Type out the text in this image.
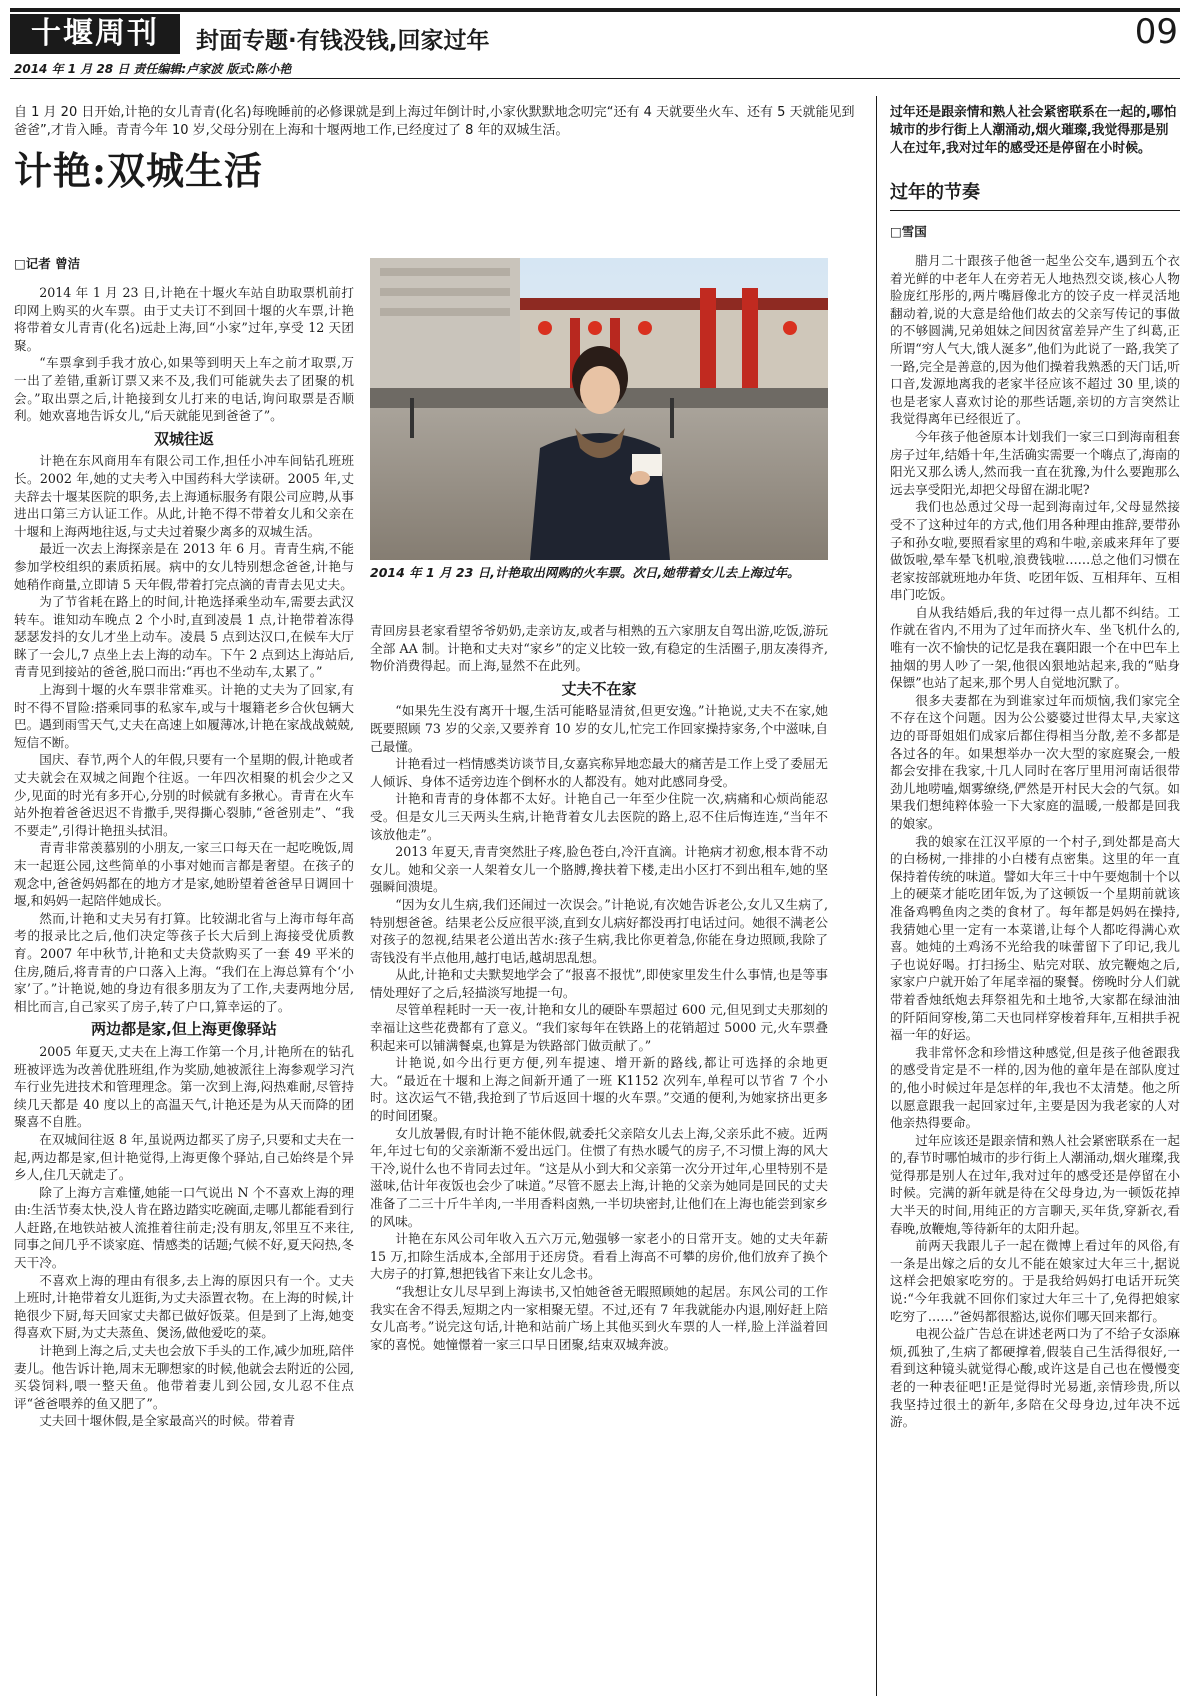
十堰周刊	封面专题·有钱没钱,回家过年	09
2014 年 1 月 28 日 责任编辑:卢家波 版式:陈小艳
自 1 月 20 日开始,计艳的女儿青青(化名)每晚睡前的必修课就是到上海过年倒计时,小家伙默默地念叨完“还有 4 天就要坐火车、还有 5 天就能见到爸爸”,才肯入睡。青青今年 10 岁,父母分别在上海和十堰两地工作,已经度过了 8 年的双城生活。
计艳:双城生活
□记者 曾洁

2014 年 1 月 23 日,计艳在十堰火车站自助取票机前打印网上购买的火车票。由于丈夫订不到回十堰的火车票,计艳将带着女儿青青(化名)远赴上海,回“小家”过年,享受 12 天团聚。

“车票拿到手我才放心,如果等到明天上车之前才取票,万一出了差错,重新订票又来不及,我们可能就失去了团聚的机会。”取出票之后,计艳接到女儿打来的电话,询问取票是否顺利。她欢喜地告诉女儿,“后天就能见到爸爸了”。

双城往返

计艳在东风商用车有限公司工作,担任小冲车间钻孔班班长。2002 年,她的丈夫考入中国药科大学读研。2005 年,丈夫辞去十堰某医院的职务,去上海通标服务有限公司应聘,从事进出口第三方认证工作。从此,计艳不得不带着女儿和父亲在十堰和上海两地往返,与丈夫过着聚少离多的双城生活。

最近一次去上海探亲是在 2013 年 6 月。青青生病,不能参加学校组织的素质拓展。病中的女儿特别想念爸爸,计艳与她稍作商量,立即请 5 天年假,带着打完点滴的青青去见丈夫。

为了节省耗在路上的时间,计艳选择乘坐动车,需要去武汉转车。谁知动车晚点 2 个小时,直到凌晨 1 点,计艳带着冻得瑟瑟发抖的女儿才坐上动车。凌晨 5 点到达汉口,在候车大厅眯了一会儿,7 点坐上去上海的动车。下午 2 点到达上海站后,青青见到接站的爸爸,脱口而出:“再也不坐动车,太累了。”

上海到十堰的火车票非常难买。计艳的丈夫为了回家,有时不得不冒险:搭乘同事的私家车,或与十堰籍老乡合伙包辆大巴。遇到雨雪天气,丈夫在高速上如履薄冰,计艳在家战战兢兢,短信不断。

国庆、春节,两个人的年假,只要有一个星期的假,计艳或者丈夫就会在双城之间跑个往返。一年四次相聚的机会少之又少,见面的时光有多开心,分别的时候就有多揪心。青青在火车站外抱着爸爸迟迟不肯撒手,哭得撕心裂肺,“爸爸别走”、“我不要走”,引得计艳扭头拭泪。

青青非常羡慕别的小朋友,一家三口每天在一起吃晚饭,周末一起逛公园,这些简单的小事对她而言都是奢望。在孩子的观念中,爸爸妈妈都在的地方才是家,她盼望着爸爸早日调回十堰,和妈妈一起陪伴她成长。

然而,计艳和丈夫另有打算。比较湖北省与上海市每年高考的报录比之后,他们决定等孩子长大后到上海接受优质教育。2007 年中秋节,计艳和丈夫贷款购买了一套 49 平米的住房,随后,将青青的户口落入上海。“我们在上海总算有个‘小家’了。”计艳说,她的身边有很多朋友为了工作,夫妻两地分居,相比而言,自己家买了房子,转了户口,算幸运的了。

两边都是家,但上海更像驿站

2005 年夏天,丈夫在上海工作第一个月,计艳所在的钻孔班被评选为改善优胜班组,作为奖励,她被派往上海参观学习汽车行业先进技术和管理理念。第一次到上海,闷热难耐,尽管持续几天都是 40 度以上的高温天气,计艳还是为从天而降的团聚喜不自胜。

在双城间往返 8 年,虽说两边都买了房子,只要和丈夫在一起,两边都是家,但计艳觉得,上海更像个驿站,自己始终是个异乡人,住几天就走了。

除了上海方言难懂,她能一口气说出 N 个不喜欢上海的理由:生活节奏太快,没人肯在路边踏实吃碗面,走哪儿都能看到行人赶路,在地铁站被人流推着往前走;没有朋友,邻里互不来往,同事之间几乎不谈家庭、情感类的话题;气候不好,夏天闷热,冬天干冷。

不喜欢上海的理由有很多,去上海的原因只有一个。丈夫上班时,计艳带着女儿逛街,为丈夫添置衣物。在上海的时候,计艳很少下厨,每天回家丈夫都已做好饭菜。但是到了上海,她变得喜欢下厨,为丈夫蒸鱼、煲汤,做他爱吃的菜。

计艳到上海之后,丈夫也会放下手头的工作,减少加班,陪伴妻儿。他告诉计艳,周末无聊想家的时候,他就会去附近的公园,买袋饲料,喂一整天鱼。他带着妻儿到公园,女儿忍不住点评“爸爸喂养的鱼又肥了”。

丈夫回十堰休假,是全家最高兴的时候。带着青

2014 年 1 月 23 日,计艳取出网购的火车票。次日,她带着女儿去上海过年。

青回房县老家看望爷爷奶奶,走亲访友,或者与相熟的五六家朋友自驾出游,吃饭,游玩全部 AA 制。计艳和丈夫对“家乡”的定义比较一致,有稳定的生活圈子,朋友凑得齐,物价消费得起。而上海,显然不在此列。

丈夫不在家

“如果先生没有离开十堰,生活可能略显清贫,但更安逸。”计艳说,丈夫不在家,她既要照顾 73 岁的父亲,又要养育 10 岁的女儿,忙完工作回家操持家务,个中滋味,自己最懂。

计艳看过一档情感类访谈节目,女嘉宾称异地恋最大的痛苦是工作上受了委屈无人倾诉、身体不适旁边连个倒杯水的人都没有。她对此感同身受。

计艳和青青的身体都不太好。计艳自己一年至少住院一次,病痛和心烦尚能忍受。但是女儿三天两头生病,计艳背着女儿去医院的路上,忍不住后悔连连,“当年不该放他走”。

2013 年夏天,青青突然肚子疼,脸色苍白,冷汗直滴。计艳病才初愈,根本背不动女儿。她和父亲一人架着女儿一个胳膊,搀扶着下楼,走出小区打不到出租车,她的坚强瞬间溃堤。

“因为女儿生病,我们还闹过一次误会。”计艳说,有次她告诉老公,女儿又生病了,特别想爸爸。结果老公反应很平淡,直到女儿病好都没再打电话过问。她很不满老公对孩子的忽视,结果老公道出苦水:孩子生病,我比你更着急,你能在身边照顾,我除了寄钱没有半点他用,越打电话,越胡思乱想。

从此,计艳和丈夫默契地学会了“报喜不报忧”,即使家里发生什么事情,也是等事情处理好了之后,轻描淡写地提一句。

尽管单程耗时一天一夜,计艳和女儿的硬卧车票超过 600 元,但见到丈夫那刻的幸福让这些花费都有了意义。“我们家每年在铁路上的花销超过 5000 元,火车票叠积起来可以铺满餐桌,也算是为铁路部门做贡献了。”

计艳说,如今出行更方便,列车提速、增开新的路线,都让可选择的余地更大。“最近在十堰和上海之间新开通了一班 K1152 次列车,单程可以节省 7 个小时。这次运气不错,我抢到了节后返回十堰的火车票。”交通的便利,为她家挤出更多的时间团聚。

女儿放暑假,有时计艳不能休假,就委托父亲陪女儿去上海,父亲乐此不疲。近两年,年过七旬的父亲渐渐不爱出远门。住惯了有热水暖气的房子,不习惯上海的风大干冷,说什么也不肯同去过年。“这是从小到大和父亲第一次分开过年,心里特别不是滋味,估计年夜饭也会少了味道。”尽管不愿去上海,计艳的父亲为她同是回民的丈夫准备了二三十斤牛羊肉,一半用香料卤熟,一半切块密封,让他们在上海也能尝到家乡的风味。

计艳在东风公司年收入五六万元,勉强够一家老小的日常开支。她的丈夫年薪 15 万,扣除生活成本,全部用于还房贷。看看上海高不可攀的房价,他们放弃了换个大房子的打算,想把钱省下来让女儿念书。

“我想让女儿尽早到上海读书,又怕她爸爸无暇照顾她的起居。东风公司的工作我实在舍不得丢,短期之内一家相聚无望。不过,还有 7 年我就能办内退,刚好赶上陪女儿高考。”说完这句话,计艳和站前广场上其他买到火车票的人一样,脸上洋溢着回家的喜悦。她憧憬着一家三口早日团聚,结束双城奔波。

过年还是跟亲情和熟人社会紧密联系在一起的,哪怕城市的步行街上人潮涌动,烟火璀璨,我觉得那是别人在过年,我对过年的感受还是停留在小时候。
过年的节奏
□雪国

腊月二十跟孩子他爸一起坐公交车,遇到五个衣着光鲜的中老年人在旁若无人地热烈交谈,核心人物脸庞红彤彤的,两片嘴唇像北方的饺子皮一样灵活地翻动着,说的大意是给他们故去的父亲写传记的事做的不够圆满,兄弟姐妹之间因贫富差异产生了纠葛,正所谓“穷人气大,饿人涎多”,他们为此说了一路,我笑了一路,完全是善意的,因为他们操着我熟悉的天门话,听口音,发源地离我的老家半径应该不超过 30 里,谈的也是老家人喜欢讨论的那些话题,亲切的方言突然让我觉得离年已经很近了。

今年孩子他爸原本计划我们一家三口到海南租套房子过年,结婚十年,生活确实需要一个嗨点了,海南的阳光又那么诱人,然而我一直在犹豫,为什么要跑那么远去享受阳光,却把父母留在湖北呢?

我们也怂恿过父母一起到海南过年,父母显然接受不了这种过年的方式,他们用各种理由推辞,要带孙子和孙女啦,要照看家里的鸡和牛啦,亲戚来拜年了要做饭啦,晕车晕飞机啦,浪费钱啦……总之他们习惯在老家按部就班地办年货、吃团年饭、互相拜年、互相串门吃饭。

自从我结婚后,我的年过得一点儿都不纠结。工作就在省内,不用为了过年而挤火车、坐飞机什么的,唯有一次不愉快的记忆是我在襄阳跟一个在中巴车上抽烟的男人吵了一架,他很凶狠地站起来,我的“贴身保镖”也站了起来,那个男人自觉地沉默了。

很多夫妻都在为到谁家过年而烦恼,我们家完全不存在这个问题。因为公公婆婆过世得太早,夫家这边的哥哥姐姐们成家后都住得相当分散,差不多都是各过各的年。如果想举办一次大型的家庭聚会,一般都会安排在我家,十几人同时在客厅里用河南话很带劲儿地唠嗑,烟雾缭绕,俨然是开村民大会的气氛。如果我们想纯粹体验一下大家庭的温暖,一般都是回我的娘家。

我的娘家在江汉平原的一个村子,到处都是高大的白杨树,一排排的小白楼有点密集。这里的年一直保持着传统的味道。譬如大年三十中午要炮制十个以上的硬菜才能吃团年饭,为了这顿饭一个星期前就该准备鸡鸭鱼肉之类的食材了。每年都是妈妈在操持,我猜她心里一定有一本菜谱,让每个人都吃得满心欢喜。她炖的土鸡汤不光给我的味蕾留下了印记,我儿子也说好喝。打扫扬尘、贴完对联、放完鞭炮之后,家家户户就开始了年尾幸福的聚餐。傍晚时分人们就带着香烛纸炮去拜祭祖先和土地爷,大家都在绿油油的阡陌间穿梭,第二天也同样穿梭着拜年,互相拱手祝福一年的好运。

我非常怀念和珍惜这种感觉,但是孩子他爸跟我的感受肯定是不一样的,因为他的童年是在部队度过的,他小时候过年是怎样的年,我也不太清楚。他之所以愿意跟我一起回家过年,主要是因为我老家的人对他亲热得要命。

过年应该还是跟亲情和熟人社会紧密联系在一起的,春节时哪怕城市的步行街上人潮涌动,烟火璀璨,我觉得那是别人在过年,我对过年的感受还是停留在小时候。完满的新年就是待在父母身边,为一顿饭花掉大半天的时间,用纯正的方言聊天,买年货,穿新衣,看春晚,放鞭炮,等待新年的太阳升起。

前两天我跟儿子一起在微博上看过年的风俗,有一条是出嫁之后的女儿不能在娘家过大年三十,据说这样会把娘家吃穷的。于是我给妈妈打电话开玩笑说:“今年我就不回你们家过大年三十了,免得把娘家吃穷了……”爸妈都很豁达,说你们哪天回来都行。

电视公益广告总在讲述老两口为了不给子女添麻烦,孤独了,生病了都硬撑着,假装自己生活得很好,一看到这种镜头就觉得心酸,或许这是自己也在慢慢变老的一种表征吧!正是觉得时光易逝,亲情珍贵,所以我坚持过很土的新年,多陪在父母身边,过年决不远游。
